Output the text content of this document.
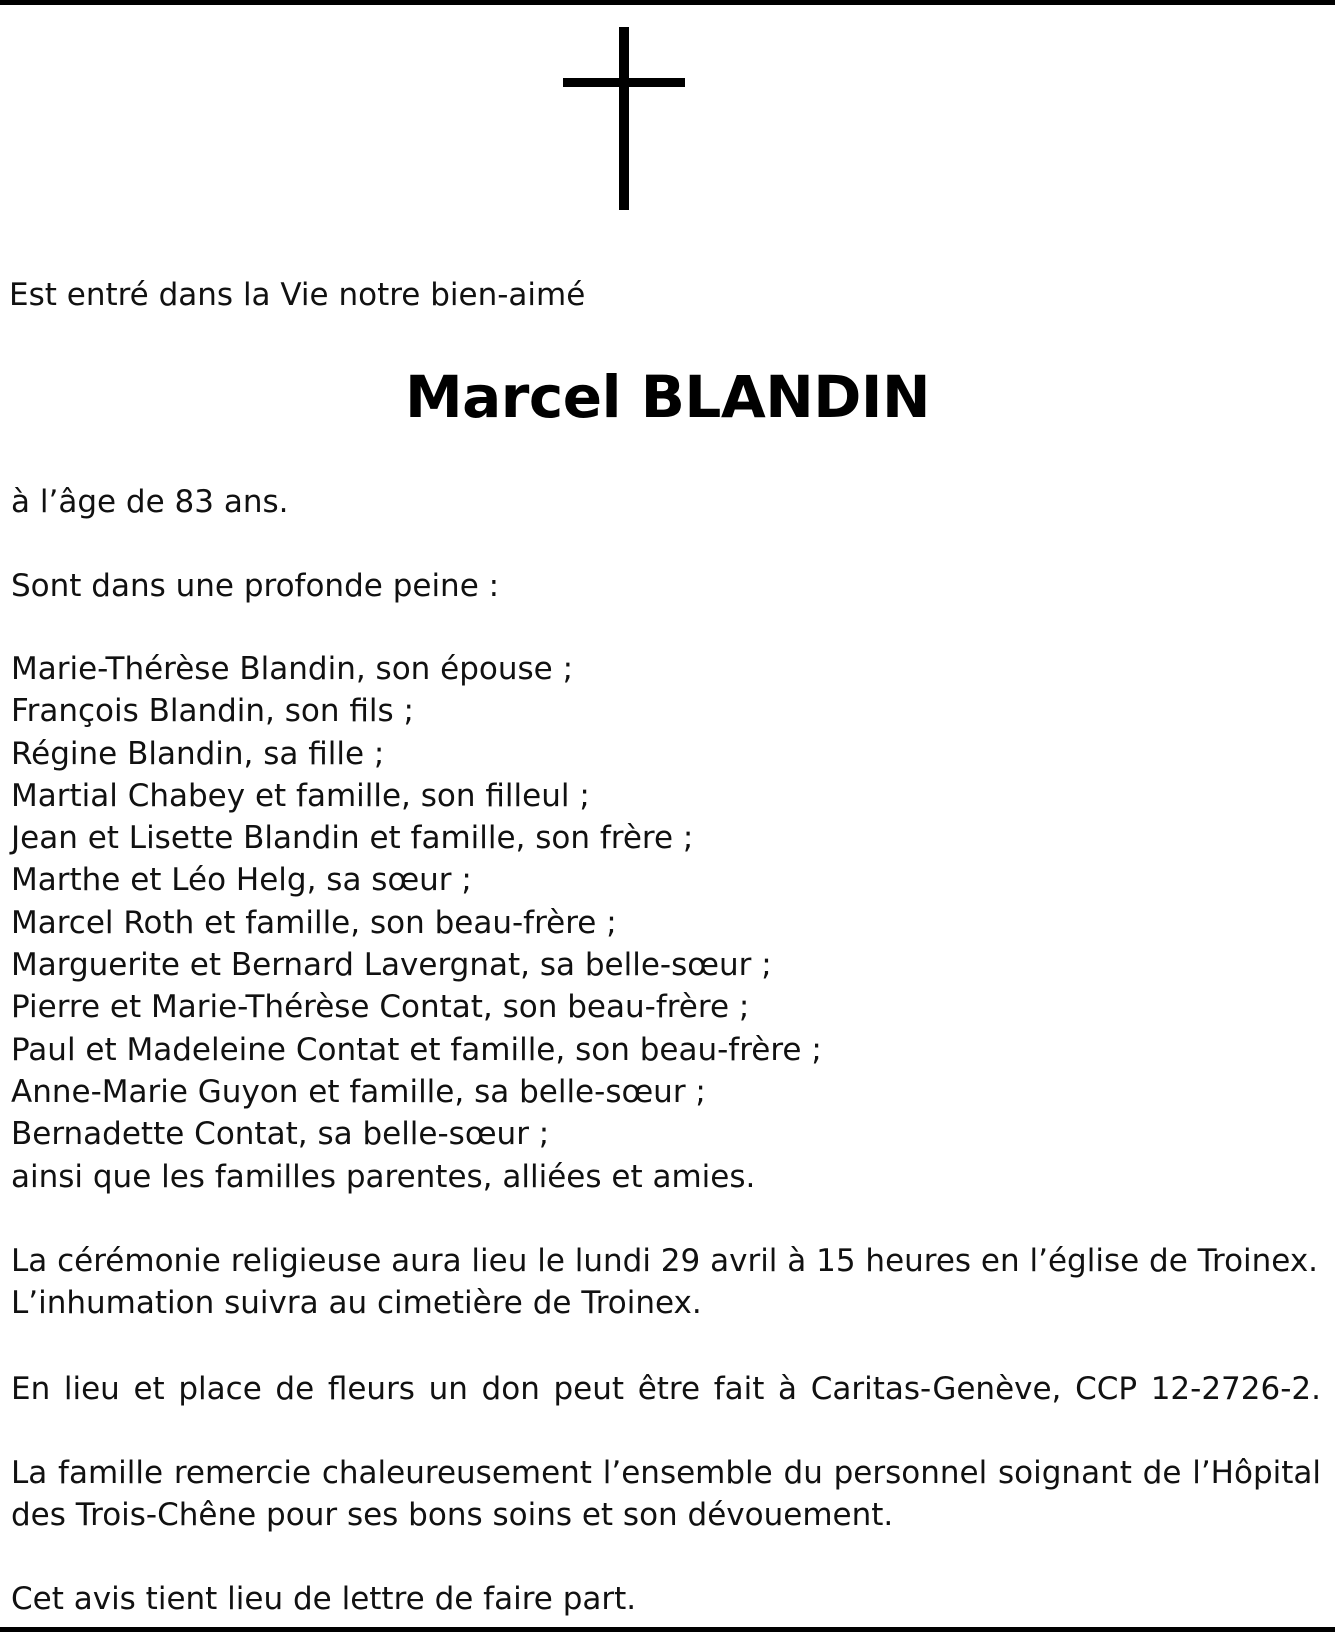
Est entré dans la Vie notre bien-aimé

Marcel BLANDIN

à l’âge de 83 ans.

Sont dans une profonde peine :

Marie-Thérèse Blandin, son épouse ;
François Blandin, son fils ;
Régine Blandin, sa fille ;
Martial Chabey et famille, son filleul ;
Jean et Lisette Blandin et famille, son frère ;
Marthe et Léo Helg, sa sœur ;
Marcel Roth et famille, son beau-frère ;
Marguerite et Bernard Lavergnat, sa belle-sœur ;
Pierre et Marie-Thérèse Contat, son beau-frère ;
Paul et Madeleine Contat et famille, son beau-frère ;
Anne-Marie Guyon et famille, sa belle-sœur ;
Bernadette Contat, sa belle-sœur ;
ainsi que les familles parentes, alliées et amies.

La cérémonie religieuse aura lieu le lundi 29 avril à 15 heures en l’église de Troinex.

L’inhumation suivra au cimetière de Troinex.

En lieu et place de fleurs un don peut être fait à Caritas-Genève, CCP 12-2726-2.

La famille remercie chaleureusement l’ensemble du personnel soignant de l’Hôpital

des Trois-Chêne pour ses bons soins et son dévouement.

Cet avis tient lieu de lettre de faire part.
